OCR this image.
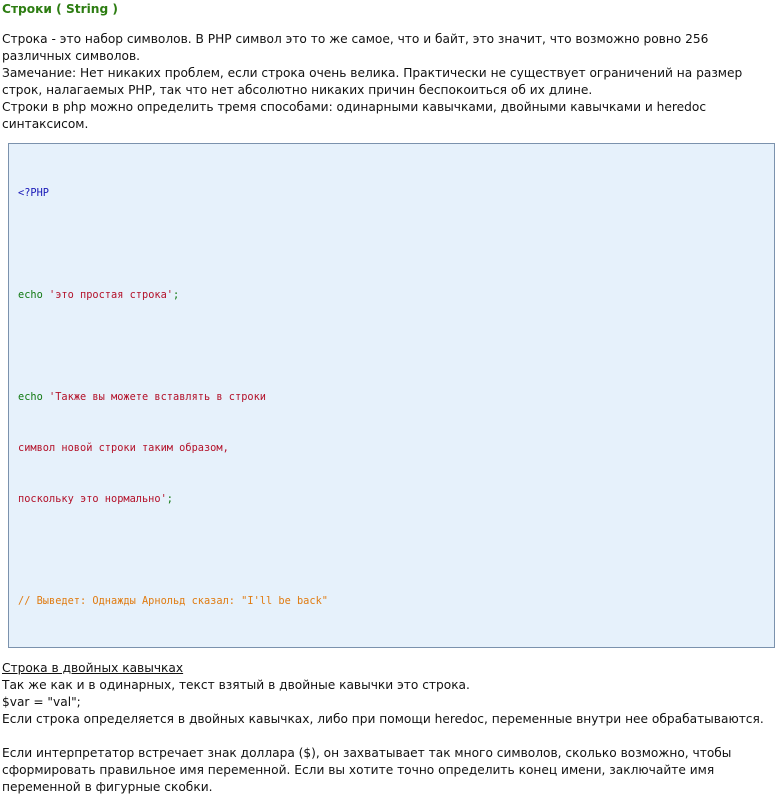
Строки ( String )

Строка - это набор символов. В PHP символ это то же самое, что и байт, это значит, что возможно ровно 256

различных символов.

Замечание: Нет никаких проблем, если строка очень велика. Практически не существует ограничений на размер

строк, налагаемых PHP, так что нет абсолютно никаких причин беспокоиться об их длине.

Строки в php можно определить тремя способами: одинарными кавычками, двойными кавычками и heredoc

синтаксисом.

<?PHP

echo 'это простая строка';

echo 'Также вы можете вставлять в строки

символ новой строки таким образом,

поскольку это нормально';

// Выведет: Однажды Арнольд сказал: "I'll be back"

Строка в двойных кавычках

Так же как и в одинарных, текст взятый в двойные кавычки это строка.

$var = "val";

Если строка определяется в двойных кавычках, либо при помощи heredoc, переменные внутри нее обрабатываются.

Если интерпретатор встречает знак доллара ($), он захватывает так много символов, сколько возможно, чтобы

сформировать правильное имя переменной. Если вы хотите точно определить конец имени, заключайте имя

переменной в фигурные скобки.
